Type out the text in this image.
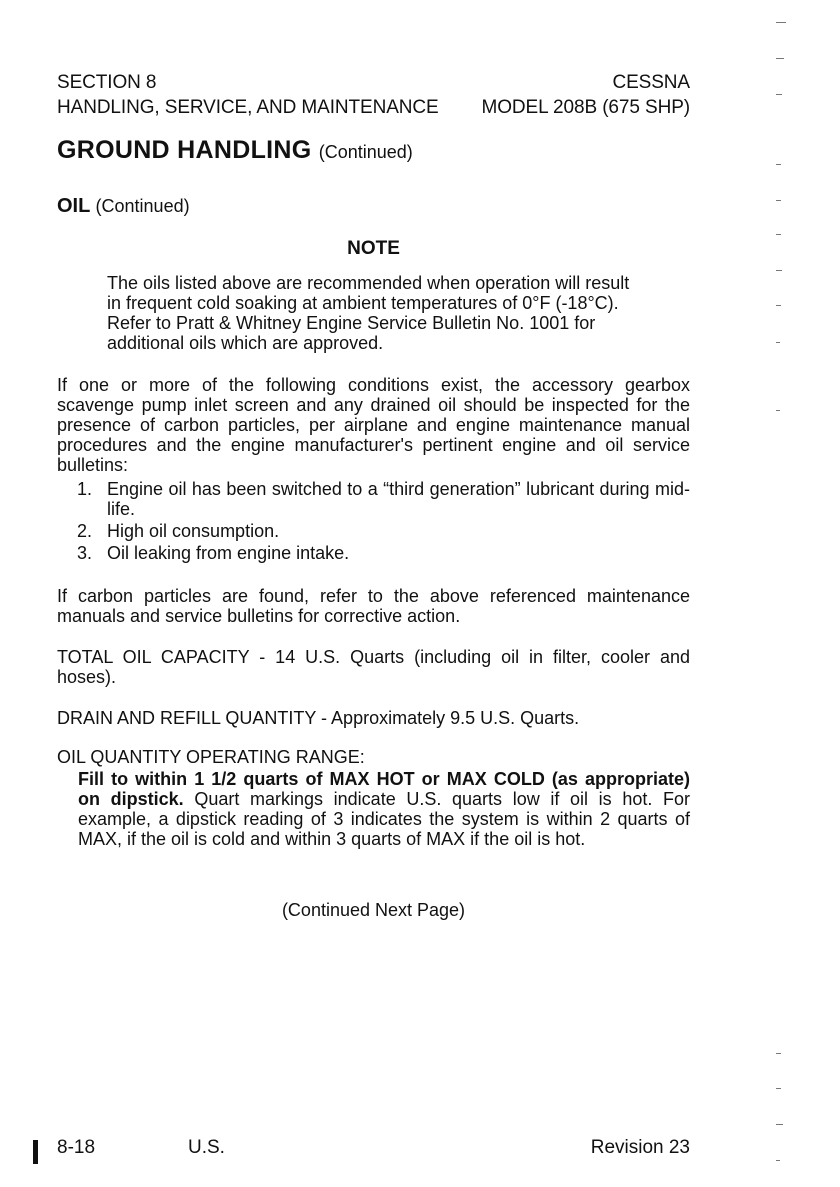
SECTION 8	CESSNA
HANDLING, SERVICE, AND MAINTENANCE MODEL 208B (675 SHP)
GROUND HANDLING (Continued)
OIL (Continued)
NOTE
The oils listed above are recommended when operation will result in frequent cold soaking at ambient temperatures of 0°F (-18°C). Refer to Pratt & Whitney Engine Service Bulletin No. 1001 for additional oils which are approved.
If one or more of the following conditions exist, the accessory gearbox scavenge pump inlet screen and any drained oil should be inspected for the presence of carbon particles, per airplane and engine maintenance manual procedures and the engine manufacturer's pertinent engine and oil service bulletins:
1. Engine oil has been switched to a “third generation” lubricant during mid-life.
2. High oil consumption.
3. Oil leaking from engine intake.
If carbon particles are found, refer to the above referenced maintenance manuals and service bulletins for corrective action.
TOTAL OIL CAPACITY - 14 U.S. Quarts (including oil in filter, cooler and hoses).
DRAIN AND REFILL QUANTITY - Approximately 9.5 U.S. Quarts.
OIL QUANTITY OPERATING RANGE:
Fill to within 1 1/2 quarts of MAX HOT or MAX COLD (as appropriate) on dipstick. Quart markings indicate U.S. quarts low if oil is hot. For example, a dipstick reading of 3 indicates the system is within 2 quarts of MAX, if the oil is cold and within 3 quarts of MAX if the oil is hot.
(Continued Next Page)
8-18	U.S.	Revision 23
